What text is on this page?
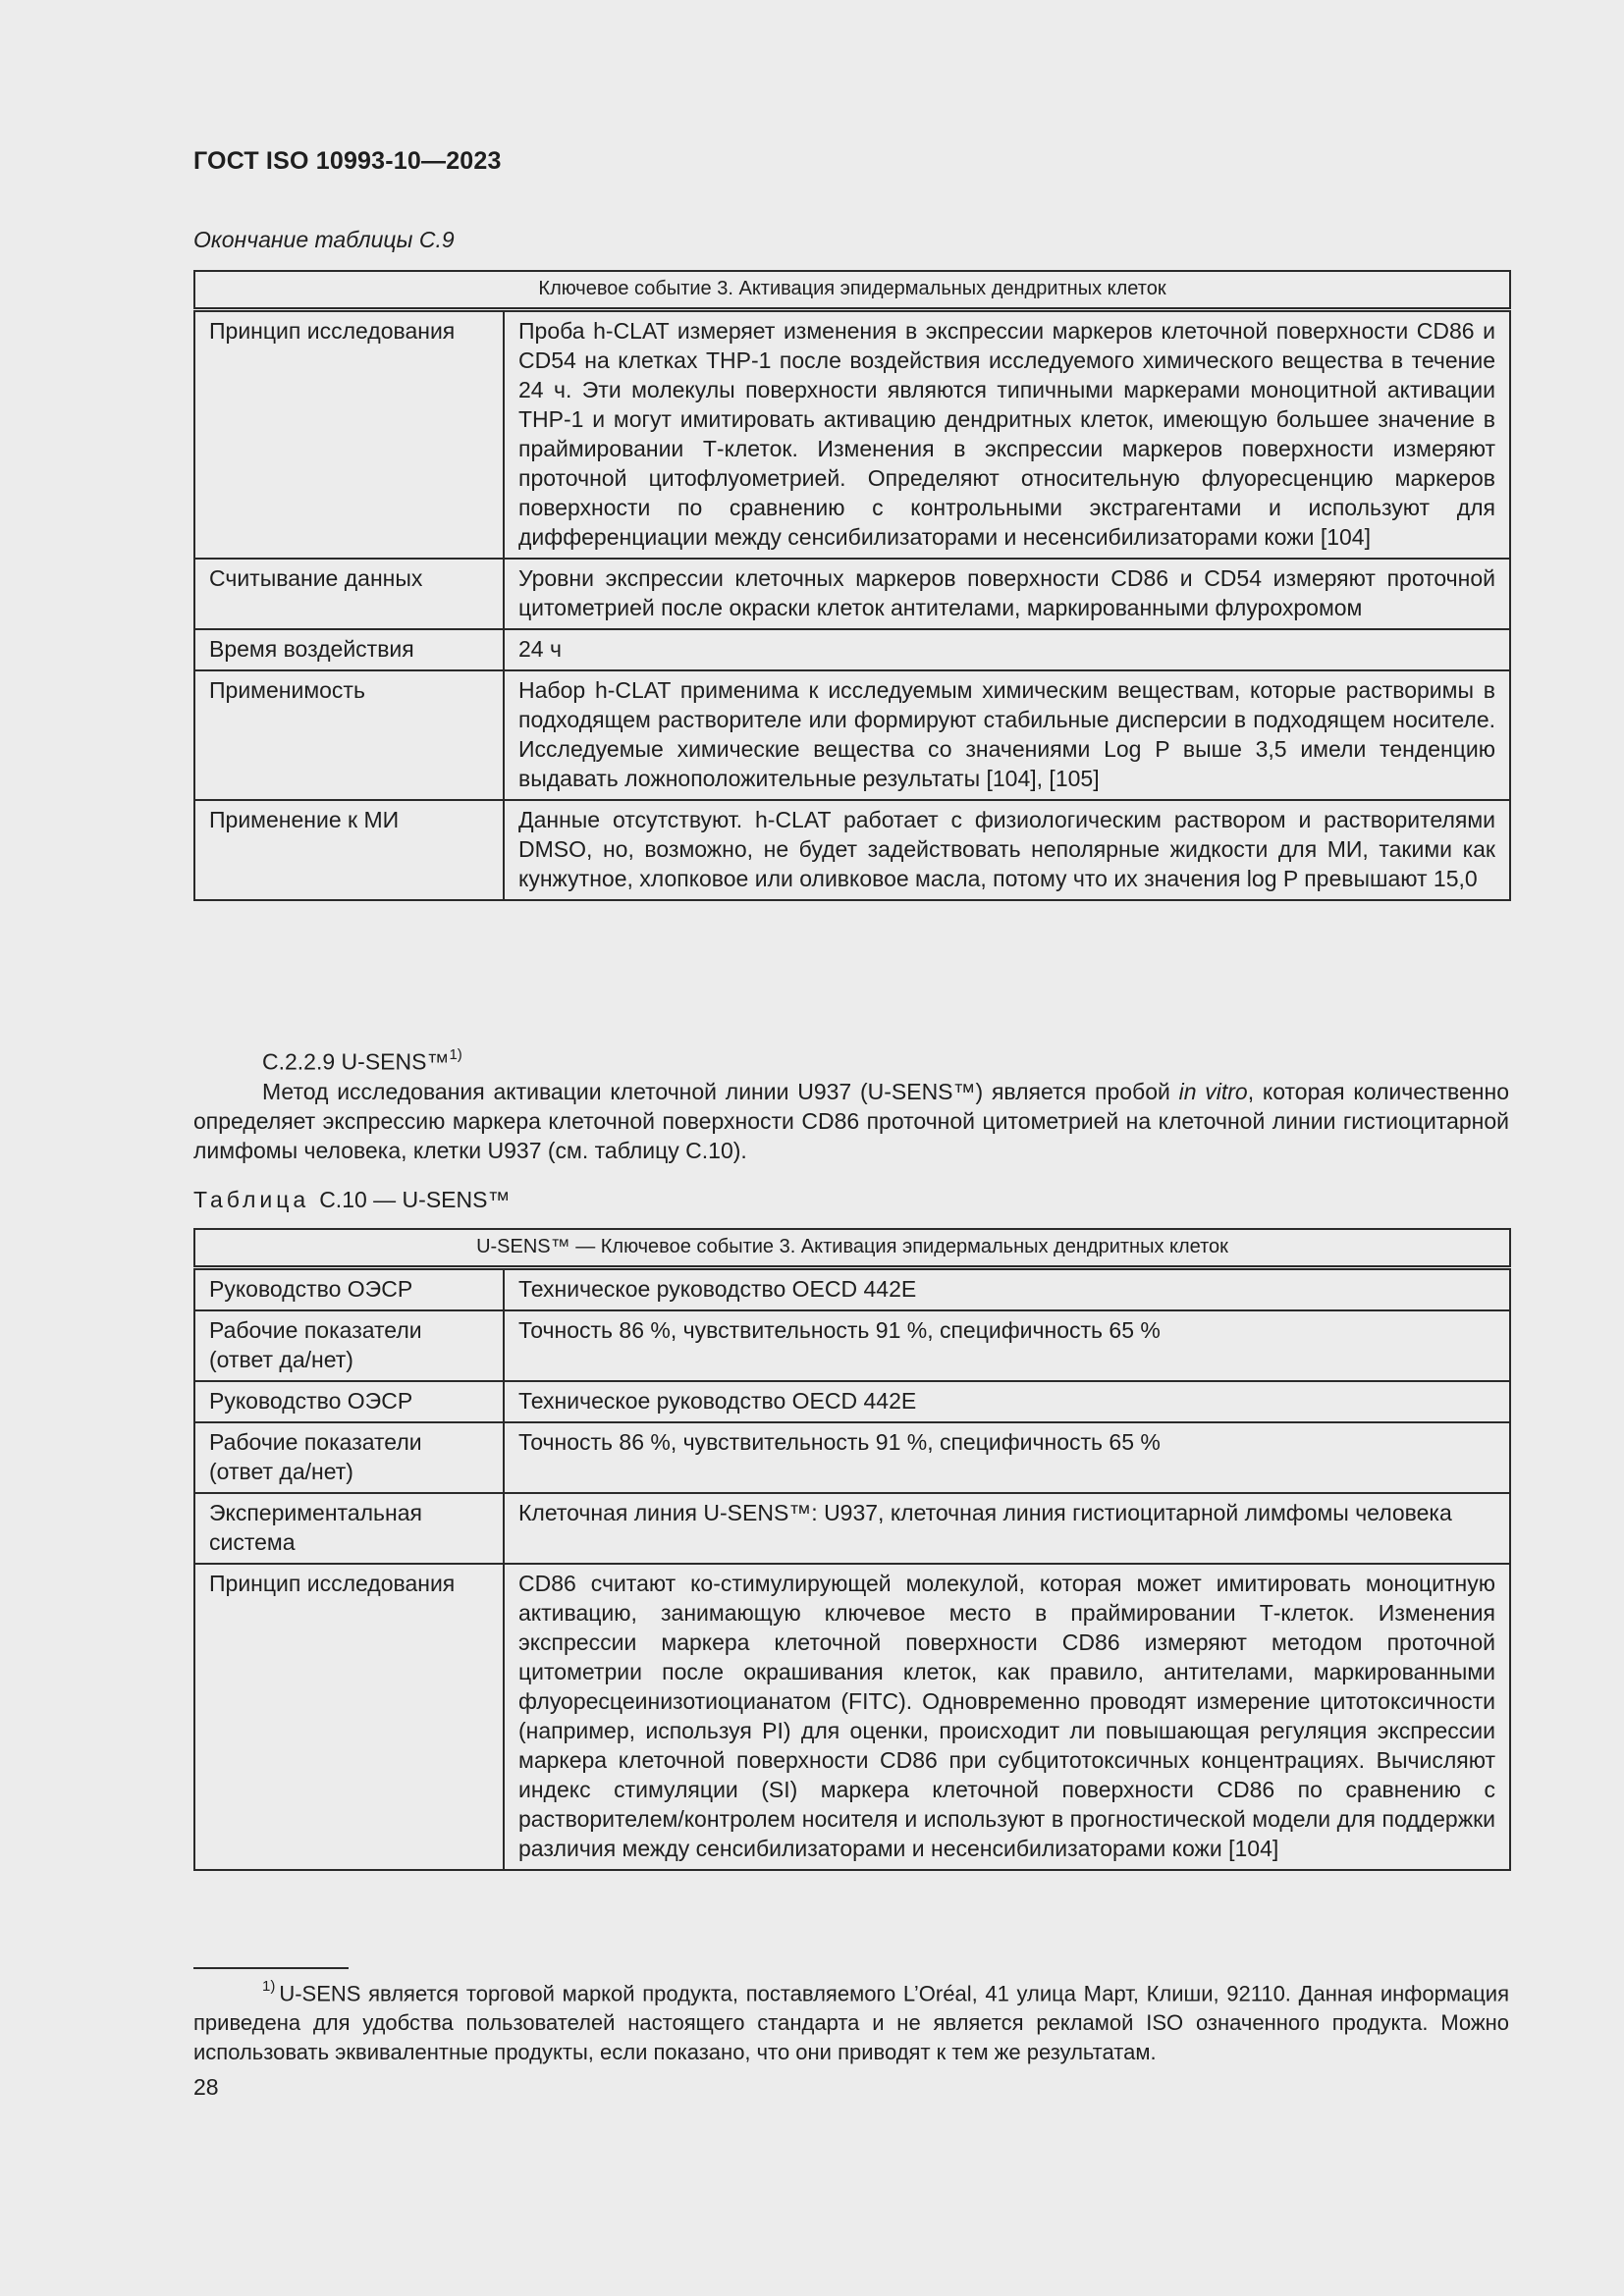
ГОСТ ISO 10993-10—2023
Окончание таблицы С.9
Ключевое событие 3. Активация эпидермальных дендритных клеток	
Принцип исследования	Проба h-CLAT измеряет изменения в экспрессии маркеров клеточной поверхности CD86 и CD54 на клетках THP-1 после воздействия исследуемого химического вещества в течение 24 ч. Эти молекулы поверхности являются типичными маркерами моноцитной активации THP-1 и могут имитировать активацию дендритных клеток, имеющую большее значение в праймировании Т-клеток. Изменения в экспрессии маркеров поверхности измеряют проточной цитофлуометрией. Определяют относительную флуоресценцию маркеров поверхности по сравнению с контрольными экстрагентами и используют для дифференциации между сенсибилизаторами и несенсибилизаторами кожи [104]
Считывание данных	Уровни экспрессии клеточных маркеров поверхности CD86 и CD54 измеряют проточной цитометрией после окраски клеток антителами, маркированными флурохромом
Время воздействия	24 ч
Применимость	Набор h-CLAT применима к исследуемым химическим веществам, которые растворимы в подходящем растворителе или формируют стабильные дисперсии в подходящем носителе. Исследуемые химические вещества со значениями Log P выше 3,5 имели тенденцию выдавать ложноположительные результаты [104], [105]
Применение к МИ	Данные отсутствуют. h-CLAT работает с физиологическим раствором и растворителями DMSO, но, возможно, не будет задействовать неполярные жидкости для МИ, такими как кунжутное, хлопковое или оливковое масла, потому что их значения log P превышают 15,0
С.2.2.9 U-SENS™$^{1)}$

Метод исследования активации клеточной линии U937 (U-SENS™) является пробой in vitro, которая количественно определяет экспрессию маркера клеточной поверхности CD86 проточной цитометрией на клеточной линии гистиоцитарной лимфомы человека, клетки U937 (см. таблицу С.10).

Таблица С.10 — U-SENS™
U-SENS™ — Ключевое событие 3. Активация эпидермальных дендритных клеток	
Руководство ОЭСР	Техническое руководство OECD 442E
Рабочие показатели (ответ да/нет)	Точность 86 %, чувствительность 91 %, специфичность 65 %
Руководство ОЭСР	Техническое руководство OECD 442E
Рабочие показатели (ответ да/нет)	Точность 86 %, чувствительность 91 %, специфичность 65 %
Экспериментальная система	Клеточная линия U-SENS™: U937, клеточная линия гистиоцитарной лимфомы человека
Принцип исследования	CD86 считают ко-стимулирующей молекулой, которая может имитировать моноцитную активацию, занимающую ключевое место в праймировании Т-клеток. Изменения экспрессии маркера клеточной поверхности CD86 измеряют методом проточной цитометрии после окрашивания клеток, как правило, антителами, маркированными флуоресцеинизотиоцианатом (FITC). Одновременно проводят измерение цитотоксичности (например, используя PI) для оценки, происходит ли повышающая регуляция экспрессии маркера клеточной поверхности CD86 при субцитотоксичных концентрациях. Вычисляют индекс стимуляции (SI) маркера клеточной поверхности CD86 по сравнению с растворителем/контролем носителя и используют в прогностической модели для поддержки различия между сенсибилизаторами и несенсибилизаторами кожи [104]
$^{1)}$ U-SENS является торговой маркой продукта, поставляемого L’Oréal, 41 улица Март, Клиши, 92110. Данная информация приведена для удобства пользователей настоящего стандарта и не является рекламой ISO означенного продукта. Можно использовать эквивалентные продукты, если показано, что они приводят к тем же результатам.
28
